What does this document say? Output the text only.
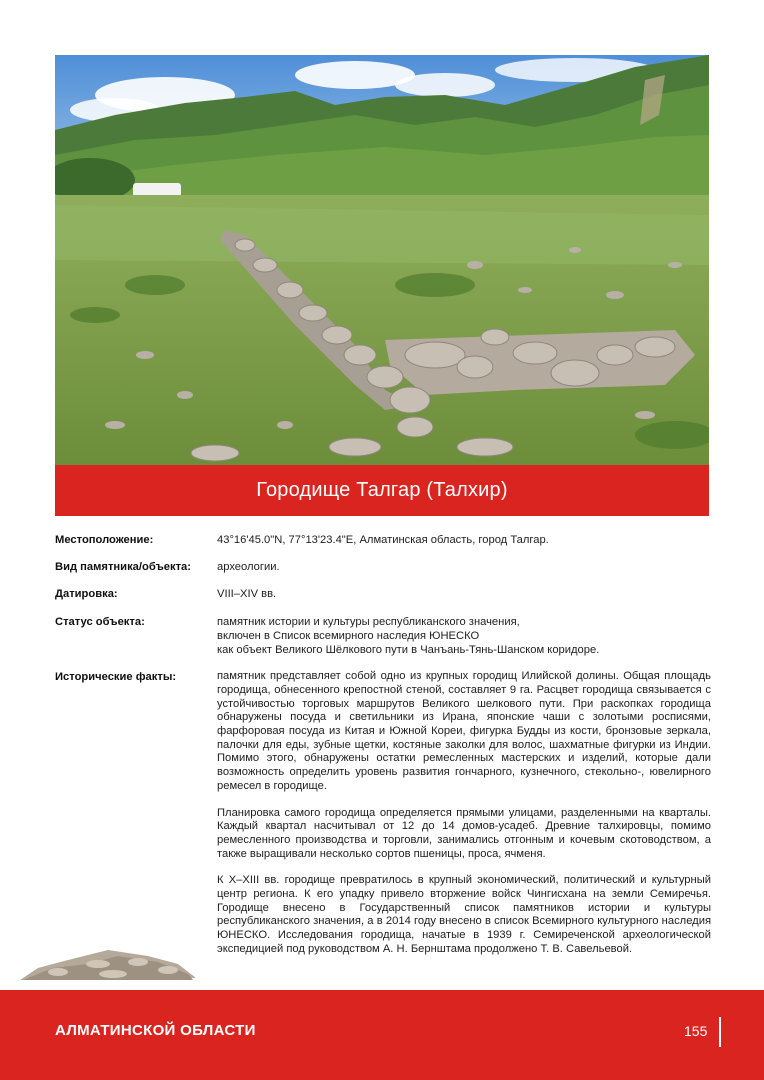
Городище Талгар (Талхир)
Местоположение:	43°16'45.0"N, 77°13'23.4"E, Алматинская область, город Талгар.
Вид памятника/объекта:	археологии.
Датировка:	VIII–XIV вв.
Статус объекта:	памятник истории и культуры республиканского значения,
включен в Список всемирного наследия ЮНЕСКО
как объект Великого Шёлкового пути в Чанъань-Тянь-Шанском коридоре.
Исторические факты:	памятник представляет собой одно из крупных городищ Илийской долины. Общая площадь городища, обнесенного крепостной стеной, составляет 9 га. Расцвет городища связывается с устойчивостью торговых маршрутов Великого шелкового пути. При раскопках городища обнаружены посуда и светильники из Ирана, японские чаши с золотыми росписями, фарфоровая посуда из Китая и Южной Кореи, фигурка Будды из кости, бронзовые зеркала, палочки для еды, зубные щетки, костяные заколки для волос, шахматные фигурки из Индии. Помимо этого, обнаружены остатки ремесленных мастерских и изделий, которые дали возможность определить уровень развития гончарного, кузнечного, стекольно-, ювелирного ремесел в городище.

Планировка самого городища определяется прямыми улицами, разделенными на кварталы. Каждый квартал насчитывал от 12 до 14 домов-усадеб. Древние талхировцы, помимо ремесленного производства и торговли, занимались отгонным и кочевым скотоводством, а также выращивали несколько сортов пшеницы, проса, ячменя.

К X–XIII вв. городище превратилось в крупный экономический, политический и культурный центр региона. К его упадку привело вторжение войск Чингисхана на земли Семиречья. Городище внесено в Государственный список памятников истории и культуры республиканского значения, а в 2014 году внесено в список Всемирного культурного наследия ЮНЕСКО. Исследования городища, начатые в 1939 г. Семиреченской археологической экспедицией под руководством А. Н. Бернштама продолжено Т. В. Савельевой.

АЛМАТИНСКОЙ ОБЛАСТИ	155
